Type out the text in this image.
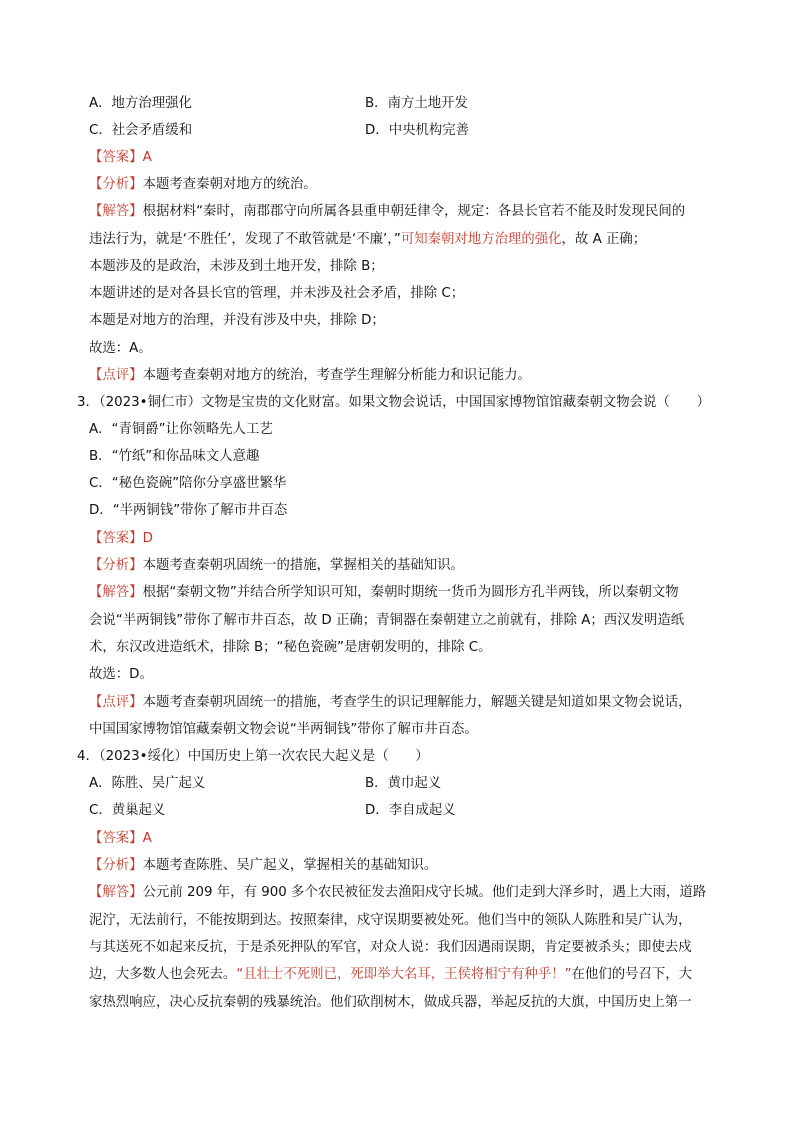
A．地方治理强化	B．南方土地开发
C．社会矛盾缓和	D．中央机构完善
【答案】A
【分析】本题考查秦朝对地方的统治。
【解答】根据材料“秦时，南郡郡守向所属各县重申朝廷律令，规定：各县长官若不能及时发现民间的
违法行为，就是‘不胜任’，发现了不敢管就是‘不廉’，”可知秦朝对地方治理的强化，故 A 正确；
本题涉及的是政治，未涉及到土地开发，排除 B；
本题讲述的是对各县长官的管理，并未涉及社会矛盾，排除 C；
本题是对地方的治理，并没有涉及中央，排除 D；
故选：A。
【点评】本题考查秦朝对地方的统治，考查学生理解分析能力和识记能力。
3．（2023•铜仁市）文物是宝贵的文化财富。如果文物会说话，中国国家博物馆馆藏秦朝文物会说（　　）
A．“青铜爵”让你领略先人工艺
B．“竹纸”和你品味文人意趣
C．“秘色瓷碗”陪你分享盛世繁华
D．“半两铜钱”带你了解市井百态
【答案】D
【分析】本题考查秦朝巩固统一的措施，掌握相关的基础知识。
【解答】根据“秦朝文物”并结合所学知识可知，秦朝时期统一货币为圆形方孔半两钱，所以秦朝文物
会说“半两铜钱”带你了解市井百态，故 D 正确；青铜器在秦朝建立之前就有，排除 A；西汉发明造纸
术，东汉改进造纸术，排除 B；“秘色瓷碗”是唐朝发明的，排除 C。
故选：D。
【点评】本题考查秦朝巩固统一的措施，考查学生的识记理解能力，解题关键是知道如果文物会说话，
中国国家博物馆馆藏秦朝文物会说“半两铜钱”带你了解市井百态。
4．（2023•绥化）中国历史上第一次农民大起义是（　　）
A．陈胜、吴广起义	B．黄巾起义
C．黄巢起义	D．李自成起义
【答案】A
【分析】本题考查陈胜、吴广起义，掌握相关的基础知识。
【解答】公元前 209 年，有 900 多个农民被征发去渔阳戍守长城。他们走到大泽乡时，遇上大雨，道路
泥泞，无法前行，不能按期到达。按照秦律，戍守误期要被处死。他们当中的领队人陈胜和吴广认为，
与其送死不如起来反抗，于是杀死押队的军官，对众人说：我们因遇雨误期，肯定要被杀头；即使去戍
边，大多数人也会死去。“且壮士不死则已，死即举大名耳，王侯将相宁有种乎！”在他们的号召下，大
家热烈响应，决心反抗秦朝的残暴统治。他们砍削树木，做成兵器，举起反抗的大旗，中国历史上第一
